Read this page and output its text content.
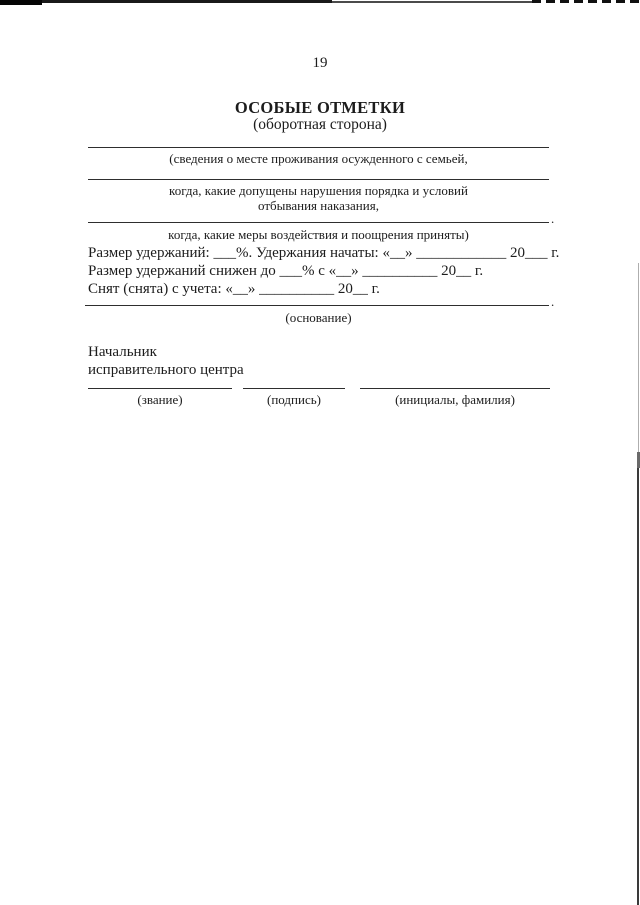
19
ОСОБЫЕ ОТМЕТКИ
(оборотная сторона)
(сведения о месте проживания осужденного с семьей,
когда, какие допущены нарушения порядка и условий
отбывания наказания,
.
когда, какие меры воздействия и поощрения приняты)
Размер удержаний: ___%. Удержания начаты: «__» ____________ 20___ г.
Размер удержаний снижен до ___% с «__» __________ 20__ г.
Снят (снята) с учета: «__» __________ 20__ г.
.
(основание)
Начальник
исправительного центра
(звание)	(подпись)	(инициалы, фамилия)
